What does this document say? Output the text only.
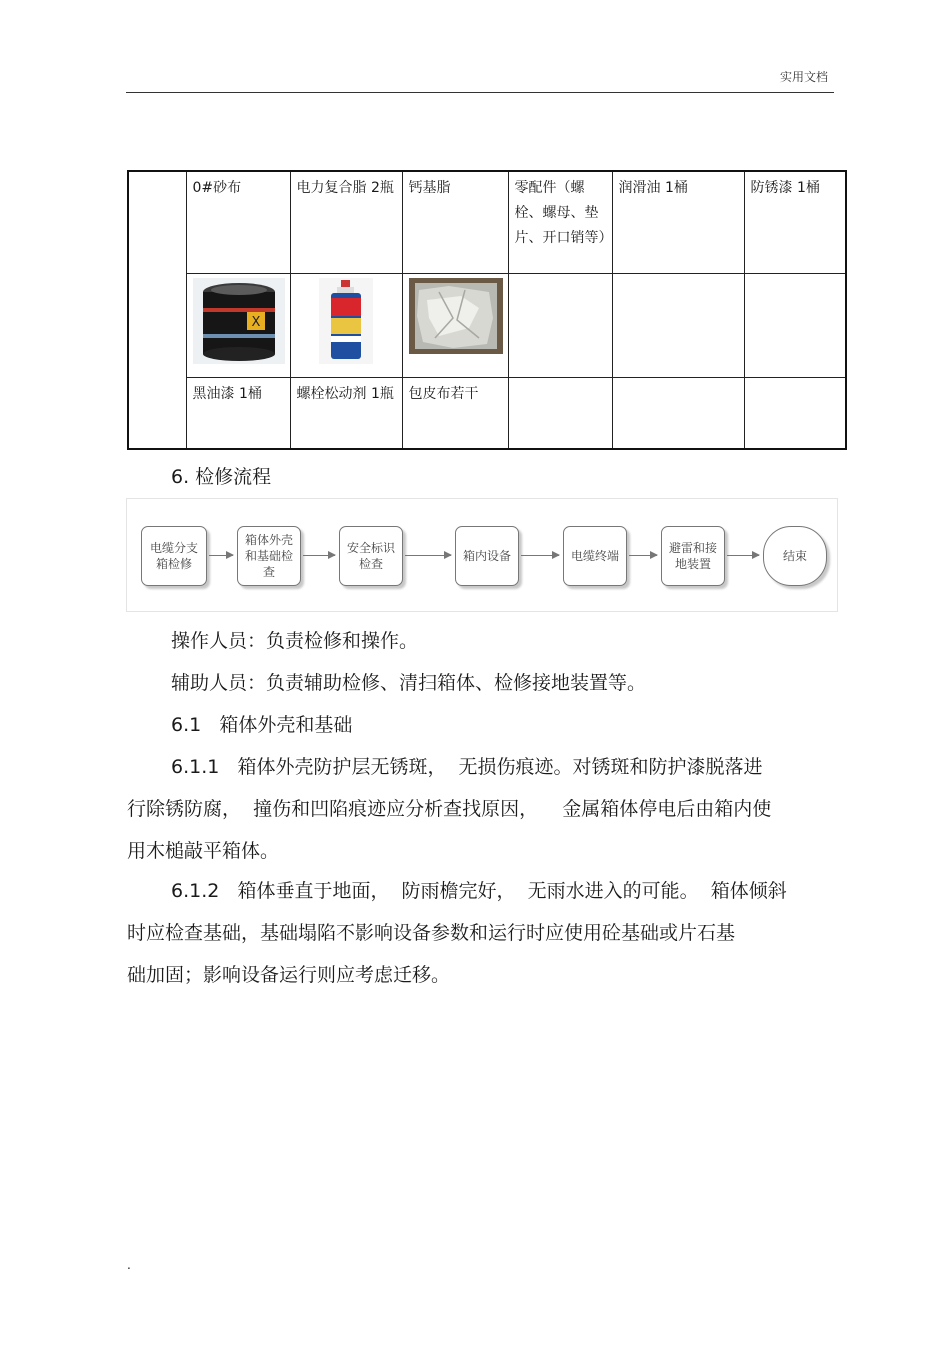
实用文档

	0#砂布	电力复合脂 2瓶	钙基脂	零配件（螺栓、螺母、垫片、开口销等）	润滑油 1桶	防锈漆 1桶

X

	黑油漆 1桶	螺栓松动剂 1瓶	包皮布若干			

6. 检修流程
电缆分支箱检修
箱体外壳和基础检查
安全标识检查
箱内设备	电缆终端
避雷和接地装置
结束
操作人员：负责检修和操作。
辅助人员：负责辅助检修、清扫箱体、检修接地装置等。
6.1   箱体外壳和基础
6.1.1   箱体外壳防护层无锈斑，  无损伤痕迹。对锈斑和防护漆脱落进
行除锈防腐，  撞伤和凹陷痕迹应分析查找原因，    金属箱体停电后由箱内使
用木槌敲平箱体。
6.1.2   箱体垂直于地面，  防雨檐完好，  无雨水进入的可能。  箱体倾斜
时应检查基础，基础塌陷不影响设备参数和运行时应使用砼基础或片石基
础加固；影响设备运行则应考虑迁移。
.
